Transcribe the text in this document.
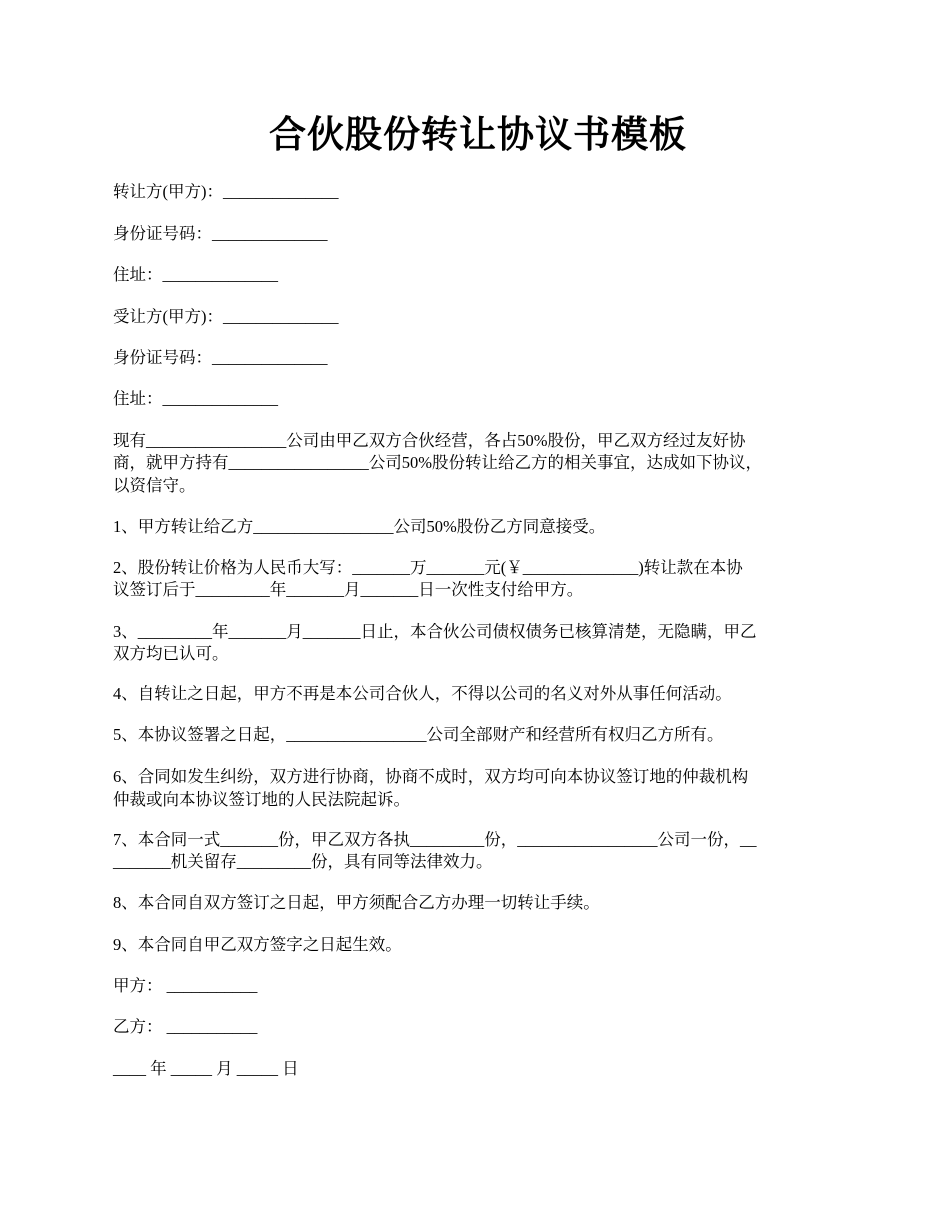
合伙股份转让协议书模板
转让方(甲方)：______________
身份证号码：______________
住址：______________
受让方(甲方)：______________
身份证号码：______________
住址：______________
现有_________________公司由甲乙双方合伙经营，各占50%股份，甲乙双方经过友好协
商，就甲方持有_________________公司50%股份转让给乙方的相关事宜，达成如下协议，
以资信守。
1、甲方转让给乙方_________________公司50%股份乙方同意接受。
2、股份转让价格为人民币大写：_______万_______元(￥______________)转让款在本协
议签订后于_________年_______月_______日一次性支付给甲方。
3、_________年_______月_______日止，本合伙公司债权债务已核算清楚，无隐瞒，甲乙
双方均已认可。
4、自转让之日起，甲方不再是本公司合伙人，不得以公司的名义对外从事任何活动。
5、本协议签署之日起，_________________公司全部财产和经营所有权归乙方所有。
6、合同如发生纠纷，双方进行协商，协商不成时，双方均可向本协议签订地的仲裁机构
仲裁或向本协议签订地的人民法院起诉。
7、本合同一式_______份，甲乙双方各执_________份，_________________公司一份，__
_______机关留存_________份，具有同等法律效力。
8、本合同自双方签订之日起，甲方须配合乙方办理一切转让手续。
9、本合同自甲乙双方签字之日起生效。
甲方： ___________
乙方： ___________
____ 年 _____ 月 _____ 日
